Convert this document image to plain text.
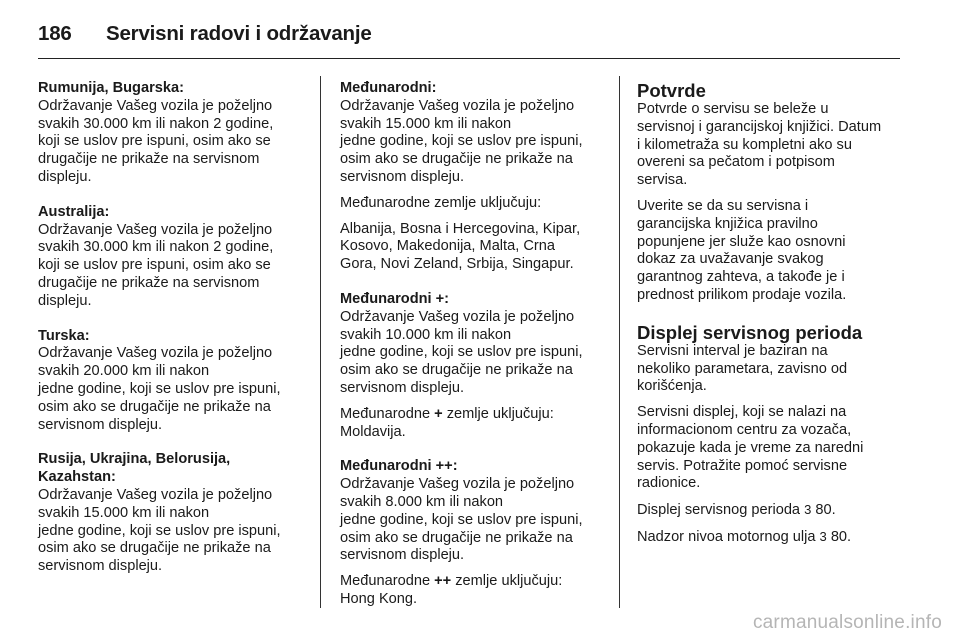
186	Servisni radovi i održavanje
Rumunija, Bugarska:
Održavanje Vašeg vozila je poželjno
svakih 30.000 km ili nakon 2 godine,
koji se uslov pre ispuni, osim ako se
drugačije ne prikaže na servisnom
displeju.
Australija:
Održavanje Vašeg vozila je poželjno
svakih 30.000 km ili nakon 2 godine,
koji se uslov pre ispuni, osim ako se
drugačije ne prikaže na servisnom
displeju.
Turska:
Održavanje Vašeg vozila je poželjno
svakih 20.000 km ili nakon
jedne godine, koji se uslov pre ispuni,
osim ako se drugačije ne prikaže na
servisnom displeju.
Rusija, Ukrajina, Belorusija,
Kazahstan:
Održavanje Vašeg vozila je poželjno
svakih 15.000 km ili nakon
jedne godine, koji se uslov pre ispuni,
osim ako se drugačije ne prikaže na
servisnom displeju.
Međunarodni:
Održavanje Vašeg vozila je poželjno
svakih 15.000 km ili nakon
jedne godine, koji se uslov pre ispuni,
osim ako se drugačije ne prikaže na
servisnom displeju.
Međunarodne zemlje uključuju:
Albanija, Bosna i Hercegovina, Kipar,
Kosovo, Makedonija, Malta, Crna
Gora, Novi Zeland, Srbija, Singapur.
Međunarodni +:
Održavanje Vašeg vozila je poželjno
svakih 10.000 km ili nakon
jedne godine, koji se uslov pre ispuni,
osim ako se drugačije ne prikaže na
servisnom displeju.
Međunarodne + zemlje uključuju:
Moldavija.
Međunarodni ++:
Održavanje Vašeg vozila je poželjno
svakih 8.000 km ili nakon
jedne godine, koji se uslov pre ispuni,
osim ako se drugačije ne prikaže na
servisnom displeju.
Međunarodne ++ zemlje uključuju:
Hong Kong.
Potvrde
Potvrde o servisu se beleže u
servisnoj i garancijskoj knjižici. Datum
i kilometraža su kompletni ako su
overeni sa pečatom i potpisom
servisa.
Uverite se da su servisna i
garancijska knjižica pravilno
popunjene jer služe kao osnovni
dokaz za uvažavanje svakog
garantnog zahteva, a takođe je i
prednost prilikom prodaje vozila.
Displej servisnog perioda
Servisni interval je baziran na
nekoliko parametara, zavisno od
korišćenja.
Servisni displej, koji se nalazi na
informacionom centru za vozača,
pokazuje kada je vreme za naredni
servis. Potražite pomoć servisne
radionice.
Displej servisnog perioda 3 80.
Nadzor nivoa motornog ulja 3 80.
carmanualsonline.info
